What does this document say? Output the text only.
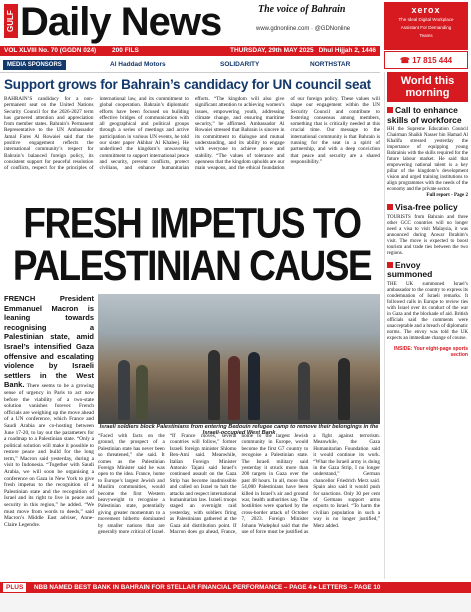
GULF Daily News	The voice of Bahrain
www.gdnonline.com · @GDNonline
xerox
The Ideal Digital Workplace
Assistant For Demanding
Teams
☎ 17 815 444
VOL XLVIII No. 70 (GGDN 024) 200 FILS	THURSDAY, 29th MAY 2025 Dhul Hijjah 2, 1446
MEDIA SPONSORS	Al Haddad Motors	SOLIDARITY	NORTHSTAR
Support grows for Bahrain’s candidacy for UN council seat
BAHRAIN’S candidacy for a non-permanent seat on the United Nations Security Council for the 2026-2027 term has garnered attention and appreciation from member states. Bahrain’s Permanent Representative to the UN Ambassador Jamal Fares Al Rowaiei said that the positive engagement reflects the international community’s respect for Bahrain’s balanced foreign policy, its consistent support for peaceful resolution of conflicts, respect for the principles of international law, and its commitment to global cooperation. Bahrain’s diplomatic efforts have been focused on building effective bridges of communication with all geographical and political groups through a series of meetings and active participation in various UN events, he told our sister paper Akhbar Al Khaleej. He underlined the kingdom’s unwavering commitment to support international peace and security, prevent conflicts, protect civilians, and enhance humanitarian efforts. “The kingdom will also give significant attention to achieving women’s issues, empowering youth, addressing climate change, and ensuring maritime security,” he affirmed. Ambassador Al Rowaiei stressed that Bahrain is sincere in its commitment to dialogue and mutual understanding, and its ability to engage with everyone to achieve peace and stability. “The values of tolerance and openness that the kingdom upholds are our main weapons, and the ethical foundation of our foreign policy. These values will shape our engagement within the UN Security Council and contribute to fostering consensus among members, something that is critically needed at this crucial time. Our message to the international community is that Bahrain is running for the seat in a spirit of partnership, and with a deep conviction that peace and security are a shared responsibility.”
FRESH IMPETUS TO PALESTINIAN CAUSE
FRENCH President Emmanuel Macron is leaning towards recognising a Palestinian state, amid Israel’s intensified Gaza offensive and escalating violence by Israeli settlers in the West Bank. There seems to be a growing sense of urgency in Paris to act now before the viability of a two-state solution vanishes forever. French officials are weighing up the move ahead of a UN conference, which France and Saudi Arabia are co-hosting between June 17-20, to lay out the parameters for a roadmap to a Palestinian state. “Only a political solution will make it possible to restore peace and build for the long term,” Macron said yesterday, during a visit to Indonesia. “Together with Saudi Arabia, we will soon be organising a conference on Gaza in New York to give fresh impetus to the recognition of a Palestinian state and the recognition of Israel and its right to live in peace and security in this region,” he added. “We must move from words to deeds,” said Macron’s Middle East adviser, Anne-Claire Legendre.
Israeli soldiers block Palestinians from entering Bedouin refugee camp to remove their belongings in the Israeli-occupied West Bank
“Faced with facts on the ground, the prospect of a Palestinian state has never been so threatened,” she said. It comes as the Palestinian Foreign Minister said he was open to the idea. France, home to Europe’s largest Jewish and Muslim communities, would become the first Western heavyweight to recognise a Palestinian state, potentially giving greater momentum to a movement hitherto dominated by smaller nations that are generally more critical of Israel. “If France moves, several countries will follow,” former Israeli foreign minister Shlomo Ben-Ami said. Meanwhile, Italian Foreign Minister Antonio Tajani said Israel’s continued assault on the Gaza Strip has become inadmissible and called on Israel to halt the attacks and respect international humanitarian law. Israeli troops staged an overnight raid yesterday, with soldiers firing as Palestinians gathered at the Gaza aid distribution point. If Macron does go ahead, France, home to the largest Jewish community in Europe, would become the first G7 country to recognise a Palestinian state. The Israeli military said yesterday it struck more than 200 targets in Gaza over the past 48 hours. In all, more than 54,000 Palestinians have been killed in Israel’s air and ground war, health authorities say. The hostilities were sparked by the cross-border attack of October 7, 2023. Foreign Minister Johann Wadephul said that the use of force must be justified as a fight against terrorism. Meanwhile, the Gaza Humanitarian Foundation said it would continue its work. “What the Israeli army is doing in the Gaza Strip, I no longer understand,” German chancellor Friedrich Merz said. Spain also said it would push for sanctions. Only 30 per cent of Germans support arms exports to Israel. “To harm the civilian population in such a way is no longer justified,” Merz added.
World this morning
Call to enhance skills of workforce
HH the Supreme Education Council Chairman Shaikh Nasser bin Hamad Al Khalifa stressed yesterday the importance of equipping young Bahrainis with the skills required for the future labour market. He said that empowering national talent is a key pillar of the kingdom’s development vision and urged training institutions to align programmes with the needs of the economy and the private sector.
Full report - Page 2
Visa-free policy
TOURISTS from Bahrain and three other GCC countries will no longer need a visa to visit Malaysia, it was announced during Anwar Ibrahim’s visit. The move is expected to boost tourism and trade ties between the two regions.
Envoy summoned
THE UK summoned Israel’s ambassador to the country to express its condemnation of Israeli remarks. It followed calls in Europe to review ties with Israel over its conduct of the war in Gaza and the blockade of aid. British officials said the comments were unacceptable and a breach of diplomatic norms. The envoy was told the UK expects an immediate change of course.
INSIDE: Your eight-page sports section
PLUS	NBB NAMED BEST BANK IN BAHRAIN FOR STELLAR FINANCIAL PERFORMANCE – PAGE 4 ▸ LETTERS – PAGE 10
